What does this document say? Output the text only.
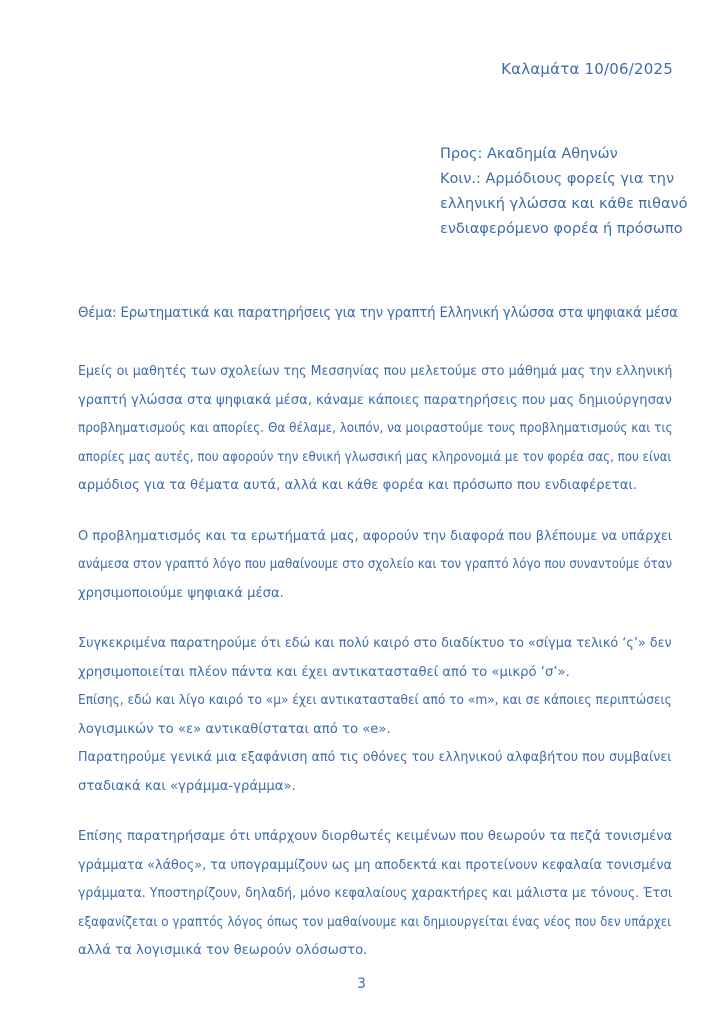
Καλαμάτα 10/06/2025
Προς: Ακαδημία Αθηνών
Κοιν.: Αρμόδιους φορείς για την
ελληνική γλώσσα και κάθε πιθανό
ενδιαφερόμενο φορέα ή πρόσωπο
Θέμα: Ερωτηματικά και παρατηρήσεις για την γραπτή Ελληνική γλώσσα στα ψηφιακά μέσα
Εμείς οι μαθητές των σχολείων της Μεσσηνίας που μελετούμε στο μάθημά μας την ελληνική
γραπτή γλώσσα στα ψηφιακά μέσα, κάναμε κάποιες παρατηρήσεις που μας δημιούργησαν
προβληματισμούς και απορίες. Θα θέλαμε, λοιπόν, να μοιραστούμε τους προβληματισμούς και τις
απορίες μας αυτές, που αφορούν την εθνική γλωσσική μας κληρονομιά με τον φορέα σας, που είναι
αρμόδιος για τα θέματα αυτά, αλλά και κάθε φορέα και πρόσωπο που ενδιαφέρεται.
Ο προβληματισμός και τα ερωτήματά μας, αφορούν την διαφορά που βλέπουμε να υπάρχει
ανάμεσα στον γραπτό λόγο που μαθαίνουμε στο σχολείο και τον γραπτό λόγο που συναντούμε όταν
χρησιμοποιούμε ψηφιακά μέσα.
Συγκεκριμένα παρατηρούμε ότι εδώ και πολύ καιρό στο διαδίκτυο το «σίγμα τελικό ‘ς’» δεν
χρησιμοποιείται πλέον πάντα και έχει αντικατασταθεί από το «μικρό ‘σ’».
Επίσης, εδώ και λίγο καιρό το «μ» έχει αντικατασταθεί από το «m», και σε κάποιες περιπτώσεις
λογισμικών το «ε» αντικαθίσταται από το «e».
Παρατηρούμε γενικά μια εξαφάνιση από τις οθόνες του ελληνικού αλφαβήτου που συμβαίνει
σταδιακά και «γράμμα-γράμμα».
Επίσης παρατηρήσαμε ότι υπάρχουν διορθωτές κειμένων που θεωρούν τα πεζά τονισμένα
γράμματα «λάθος», τα υπογραμμίζουν ως μη αποδεκτά και προτείνουν κεφαλαία τονισμένα
γράμματα. Υποστηρίζουν, δηλαδή, μόνο κεφαλαίους χαρακτήρες και μάλιστα με τόνους. Έτσι
εξαφανίζεται ο γραπτός λόγος όπως τον μαθαίνουμε και δημιουργείται ένας νέος που δεν υπάρχει
αλλά τα λογισμικά τον θεωρούν ολόσωστο.
3
